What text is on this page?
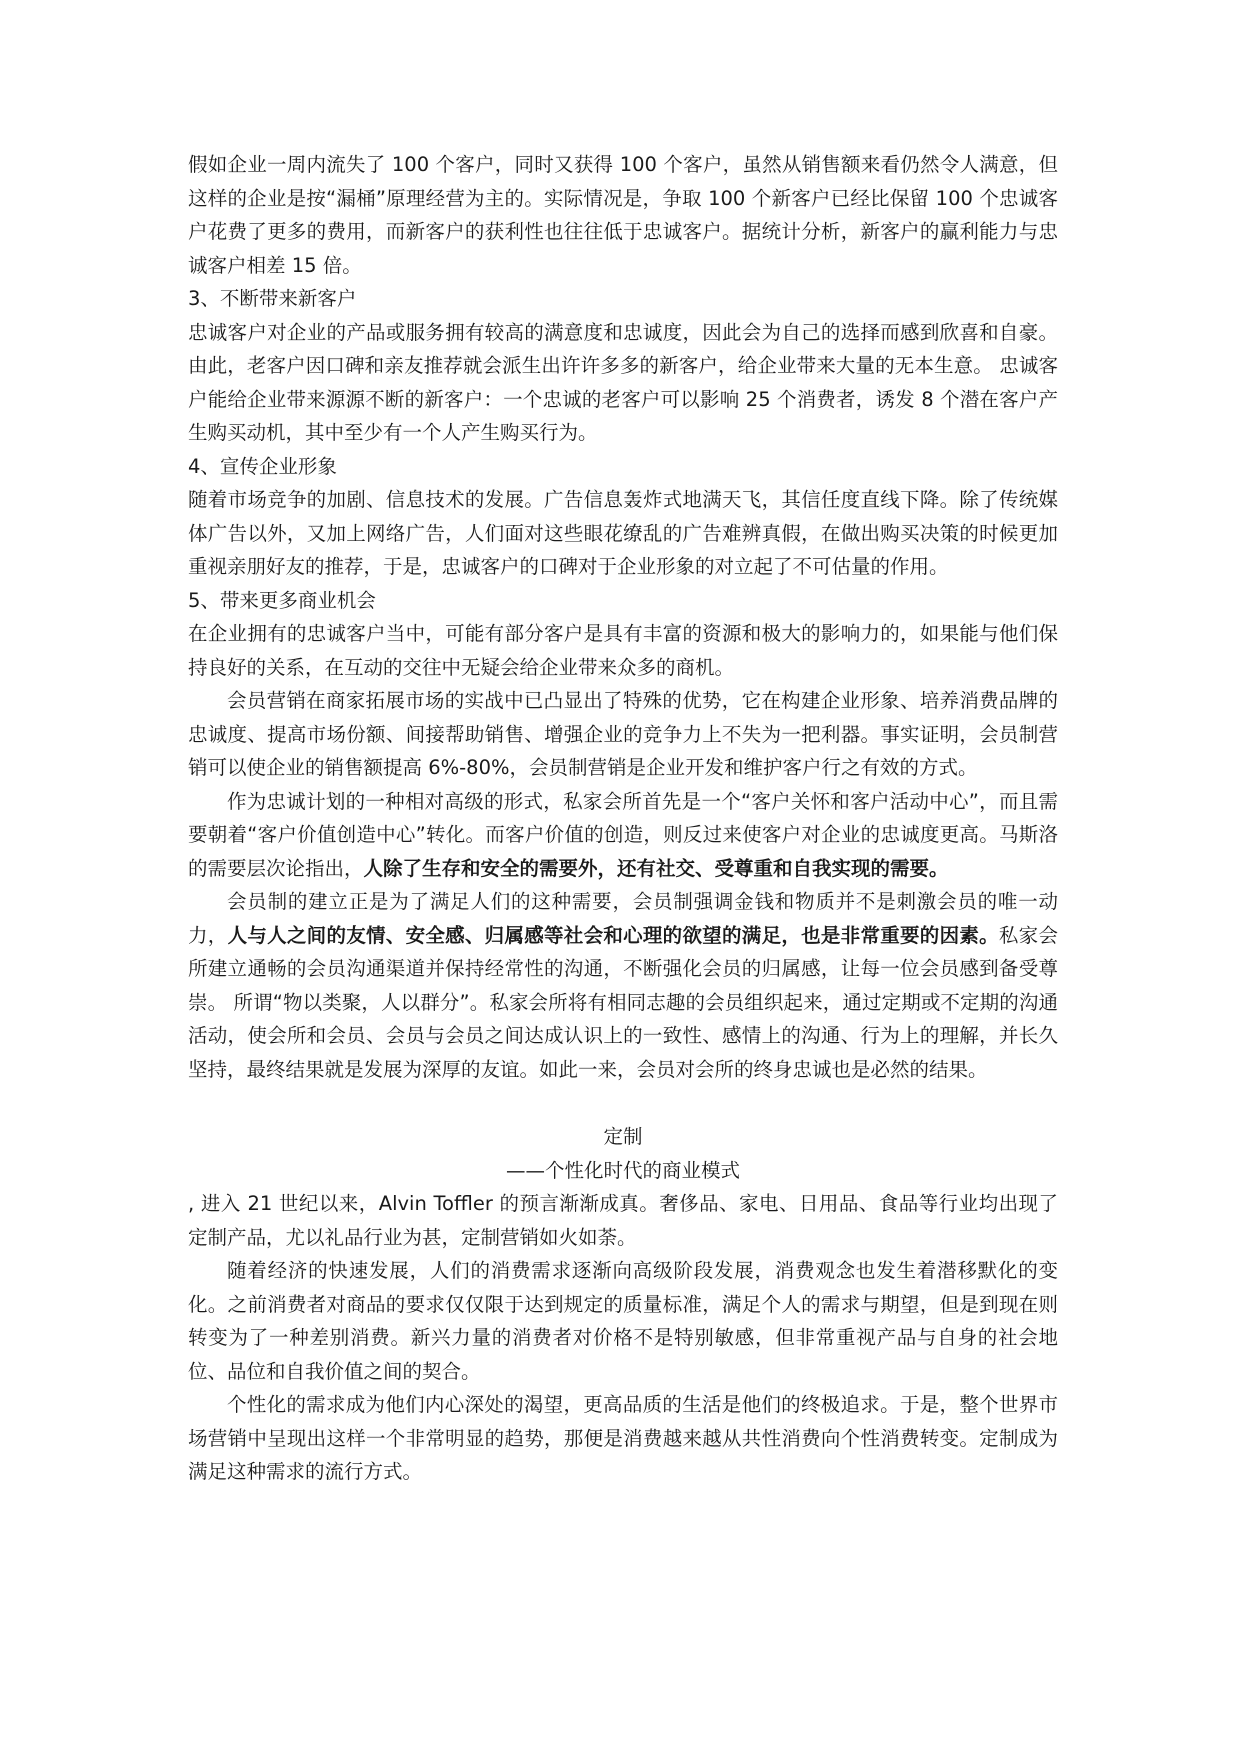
假如企业一周内流失了 100 个客户，同时又获得 100 个客户，虽然从销售额来看仍然令人满意，但这样的企业是按“漏桶”原理经营为主的。实际情况是，争取 100 个新客户已经比保留 100 个忠诚客户花费了更多的费用，而新客户的获利性也往往低于忠诚客户。据统计分析，新客户的赢利能力与忠诚客户相差 15 倍。

3、不断带来新客户

忠诚客户对企业的产品或服务拥有较高的满意度和忠诚度，因此会为自己的选择而感到欣喜和自豪。由此，老客户因口碑和亲友推荐就会派生出许许多多的新客户，给企业带来大量的无本生意。 忠诚客户能给企业带来源源不断的新客户：一个忠诚的老客户可以影响 25 个消费者，诱发 8 个潜在客户产生购买动机，其中至少有一个人产生购买行为。

4、宣传企业形象

随着市场竞争的加剧、信息技术的发展。广告信息轰炸式地满天飞，其信任度直线下降。除了传统媒体广告以外，又加上网络广告，人们面对这些眼花缭乱的广告难辨真假，在做出购买决策的时候更加重视亲朋好友的推荐，于是，忠诚客户的口碑对于企业形象的对立起了不可估量的作用。

5、带来更多商业机会

在企业拥有的忠诚客户当中，可能有部分客户是具有丰富的资源和极大的影响力的，如果能与他们保持良好的关系，在互动的交往中无疑会给企业带来众多的商机。

会员营销在商家拓展市场的实战中已凸显出了特殊的优势，它在构建企业形象、培养消费品牌的忠诚度、提高市场份额、间接帮助销售、增强企业的竞争力上不失为一把利器。事实证明，会员制营销可以使企业的销售额提高 6%-80%，会员制营销是企业开发和维护客户行之有效的方式。

作为忠诚计划的一种相对高级的形式，私家会所首先是一个“客户关怀和客户活动中心”，而且需要朝着“客户价值创造中心”转化。而客户价值的创造，则反过来使客户对企业的忠诚度更高。马斯洛的需要层次论指出，人除了生存和安全的需要外，还有社交、受尊重和自我实现的需要。

会员制的建立正是为了满足人们的这种需要，会员制强调金钱和物质并不是刺激会员的唯一动力，人与人之间的友情、安全感、归属感等社会和心理的欲望的满足，也是非常重要的因素。私家会所建立通畅的会员沟通渠道并保持经常性的沟通，不断强化会员的归属感，让每一位会员感到备受尊崇。 所谓“物以类聚，人以群分”。私家会所将有相同志趣的会员组织起来，通过定期或不定期的沟通活动，使会所和会员、会员与会员之间达成认识上的一致性、感情上的沟通、行为上的理解，并长久坚持，最终结果就是发展为深厚的友谊。如此一来，会员对会所的终身忠诚也是必然的结果。

定制

——个性化时代的商业模式

, 进入 21 世纪以来，Alvin Toffler 的预言渐渐成真。奢侈品、家电、日用品、食品等行业均出现了定制产品，尤以礼品行业为甚，定制营销如火如荼。

随着经济的快速发展，人们的消费需求逐渐向高级阶段发展，消费观念也发生着潜移默化的变化。之前消费者对商品的要求仅仅限于达到规定的质量标准，满足个人的需求与期望，但是到现在则转变为了一种差别消费。新兴力量的消费者对价格不是特别敏感，但非常重视产品与自身的社会地位、品位和自我价值之间的契合。

个性化的需求成为他们内心深处的渴望，更高品质的生活是他们的终极追求。于是，整个世界市场营销中呈现出这样一个非常明显的趋势，那便是消费越来越从共性消费向个性消费转变。定制成为满足这种需求的流行方式。
